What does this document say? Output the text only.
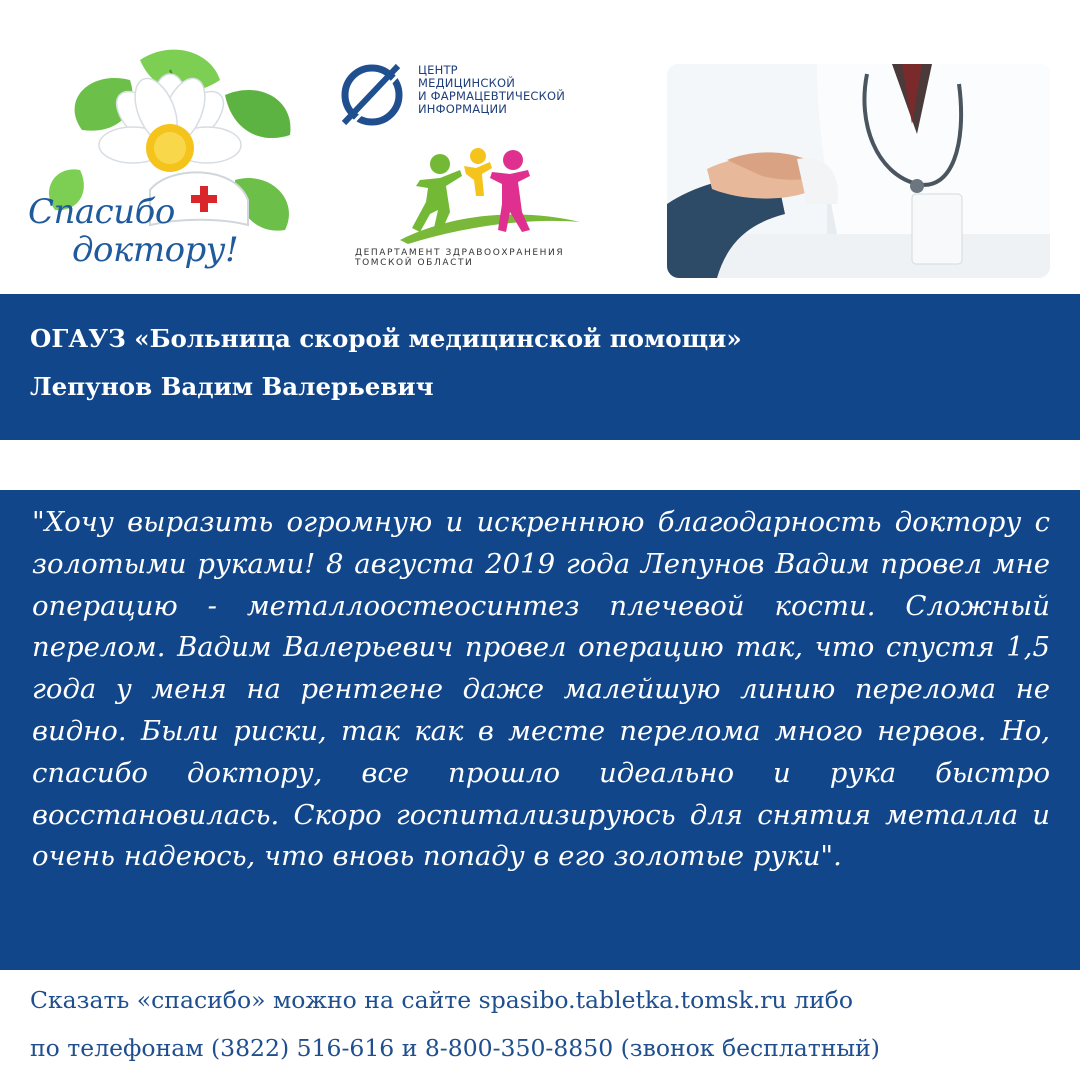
Спасибо
доктору!
ЦЕНТР
МЕДИЦИНСКОЙ
И ФАРМАЦЕВТИЧЕСКОЙ
ИНФОРМАЦИИ
ДЕПАРТАМЕНТ ЗДРАВООХРАНЕНИЯ
ТОМСКОЙ ОБЛАСТИ
ОГАУЗ «Больница скорой медицинской помощи»
Лепунов Вадим Валерьевич

"Хочу выразить огромную и искреннюю благодарность доктору с золотыми руками! 8 августа 2019 года Лепунов Вадим провел мне операцию - металлоостеосинтез плечевой кости. Сложный перелом. Вадим Валерьевич провел операцию так, что спустя 1,5 года у меня на рентгене даже малейшую линию перелома не видно. Были риски, так как в месте перелома много нервов. Но, спасибо доктору, все прошло идеально и рука быстро восстановилась. Скоро госпитализируюсь для снятия металла и очень надеюсь, что вновь попаду в его золотые руки".

Сказать «спасибо» можно на сайте spasibo.tabletka.tomsk.ru либо
по телефонам (3822) 516-616 и 8-800-350-8850 (звонок бесплатный)
